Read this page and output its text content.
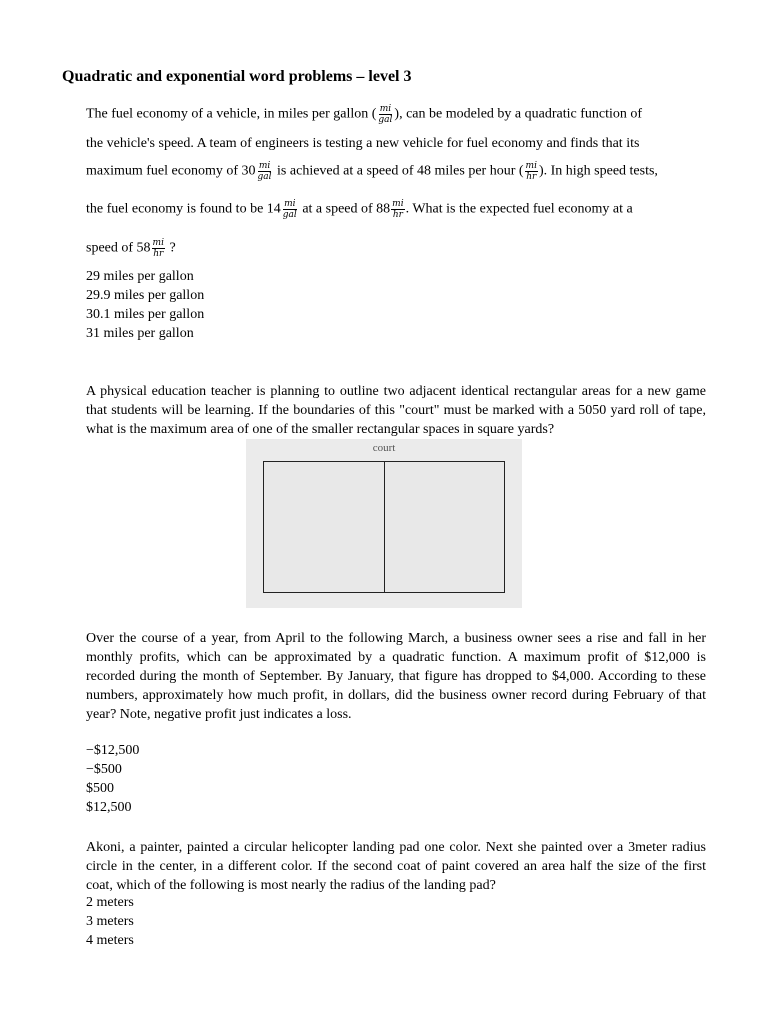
Quadratic and exponential word problems – level 3

The fuel economy of a vehicle, in miles per gallon ( $\frac{mi}{\text{gal}}$ ), can be modeled by a quadratic function of

the vehicle's speed. A team of engineers is testing a new vehicle for fuel economy and finds that its

maximum fuel economy of $30 \frac{mi}{\text{gal}}$ is achieved at a speed of 48 miles per hour ( $\frac{mi}{hr}$ ). In high speed tests,

the fuel economy is found to be $14 \frac{mi}{\text{gal}}$ at a speed of $88 \frac{mi}{hr}$ . What is the expected fuel economy at a

speed of $58 \frac{mi}{hr}$ ?

29 miles per gallon

29.9 miles per gallon

30.1 miles per gallon

31 miles per gallon

A physical education teacher is planning to outline two adjacent identical rectangular areas for a new game that students will be learning. If the boundaries of this "court" must be marked with a 5050 yard roll of tape, what is the maximum area of one of the smaller rectangular spaces in square yards?

court

Over the course of a year, from April to the following March, a business owner sees a rise and fall in her monthly profits, which can be approximated by a quadratic function. A maximum profit of $12,000 is recorded during the month of September. By January, that figure has dropped to $4,000. According to these numbers, approximately how much profit, in dollars, did the business owner record during February of that year? Note, negative profit just indicates a loss.

−$12,500

−$500

$500

$12,500

Akoni, a painter, painted a circular helicopter landing pad one color. Next she painted over a 3meter radius circle in the center, in a different color. If the second coat of paint covered an area half the size of the first coat, which of the following is most nearly the radius of the landing pad?

2 meters

3 meters

4 meters
